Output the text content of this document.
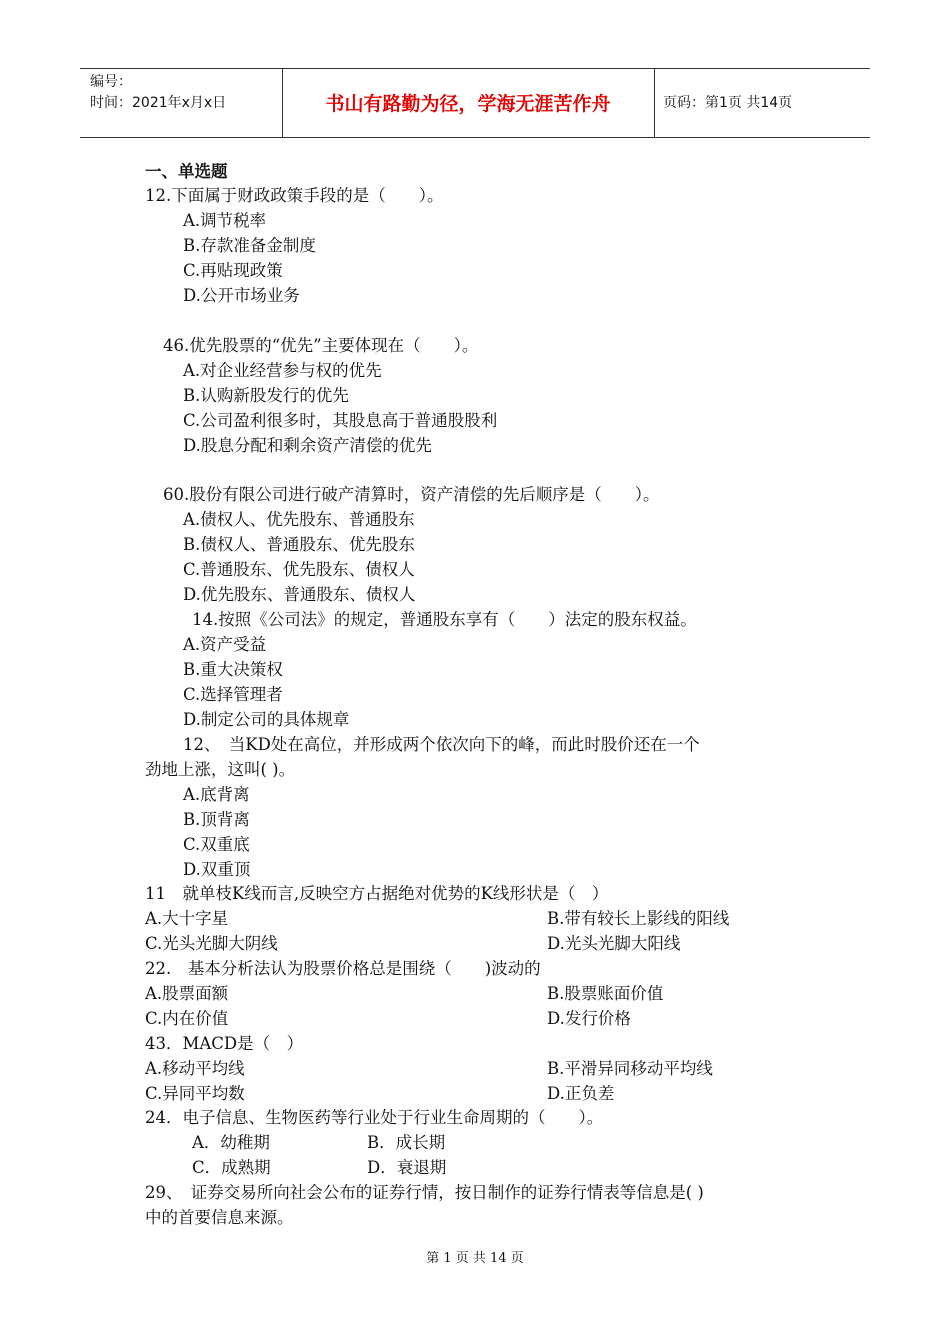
编号：
时间：2021年x月x日	书山有路勤为径，学海无涯苦作舟	页码：第1页 共14页
一、单选题
12.下面属于财政政策手段的是（　　）。
A.调节税率
B.存款准备金制度
C.再贴现政策
D.公开市场业务
46.优先股票的“优先”主要体现在（　　）。
A.对企业经营参与权的优先
B.认购新股发行的优先
C.公司盈利很多时，其股息高于普通股股利
D.股息分配和剩余资产清偿的优先
60.股份有限公司进行破产清算时，资产清偿的先后顺序是（　　）。
A.债权人、优先股东、普通股东
B.债权人、普通股东、优先股东
C.普通股东、优先股东、债权人
D.优先股东、普通股东、债权人
14.按照《公司法》的规定，普通股东享有（　　）法定的股东权益。
A.资产受益
B.重大决策权
C.选择管理者
D.制定公司的具体规章
12、　当KD处在高位，并形成两个依次向下的峰，而此时股价还在一个
劲地上涨，这叫( )。
A.底背离
B.顶背离
C.双重底
D.双重顶
11　就单枝K线而言,反映空方占据绝对优势的K线形状是（　）
A.大十字星	B.带有较长上影线的阳线
C.光头光脚大阴线	D.光头光脚大阳线
22.　基本分析法认为股票价格总是围绕（　　)波动的
A.股票面额	B.股票账面价值
C.内在价值	D.发行价格
43．MACD是（　）
A.移动平均线	B.平滑异同移动平均线
C.异同平均数	D.正负差
24．电子信息、生物医药等行业处于行业生命周期的（　　）。
A．幼稚期	B．成长期
C．成熟期	D．衰退期
29、　证券交易所向社会公布的证券行情，按日制作的证券行情表等信息是( )
中的首要信息来源。
第 1 页 共 14 页
